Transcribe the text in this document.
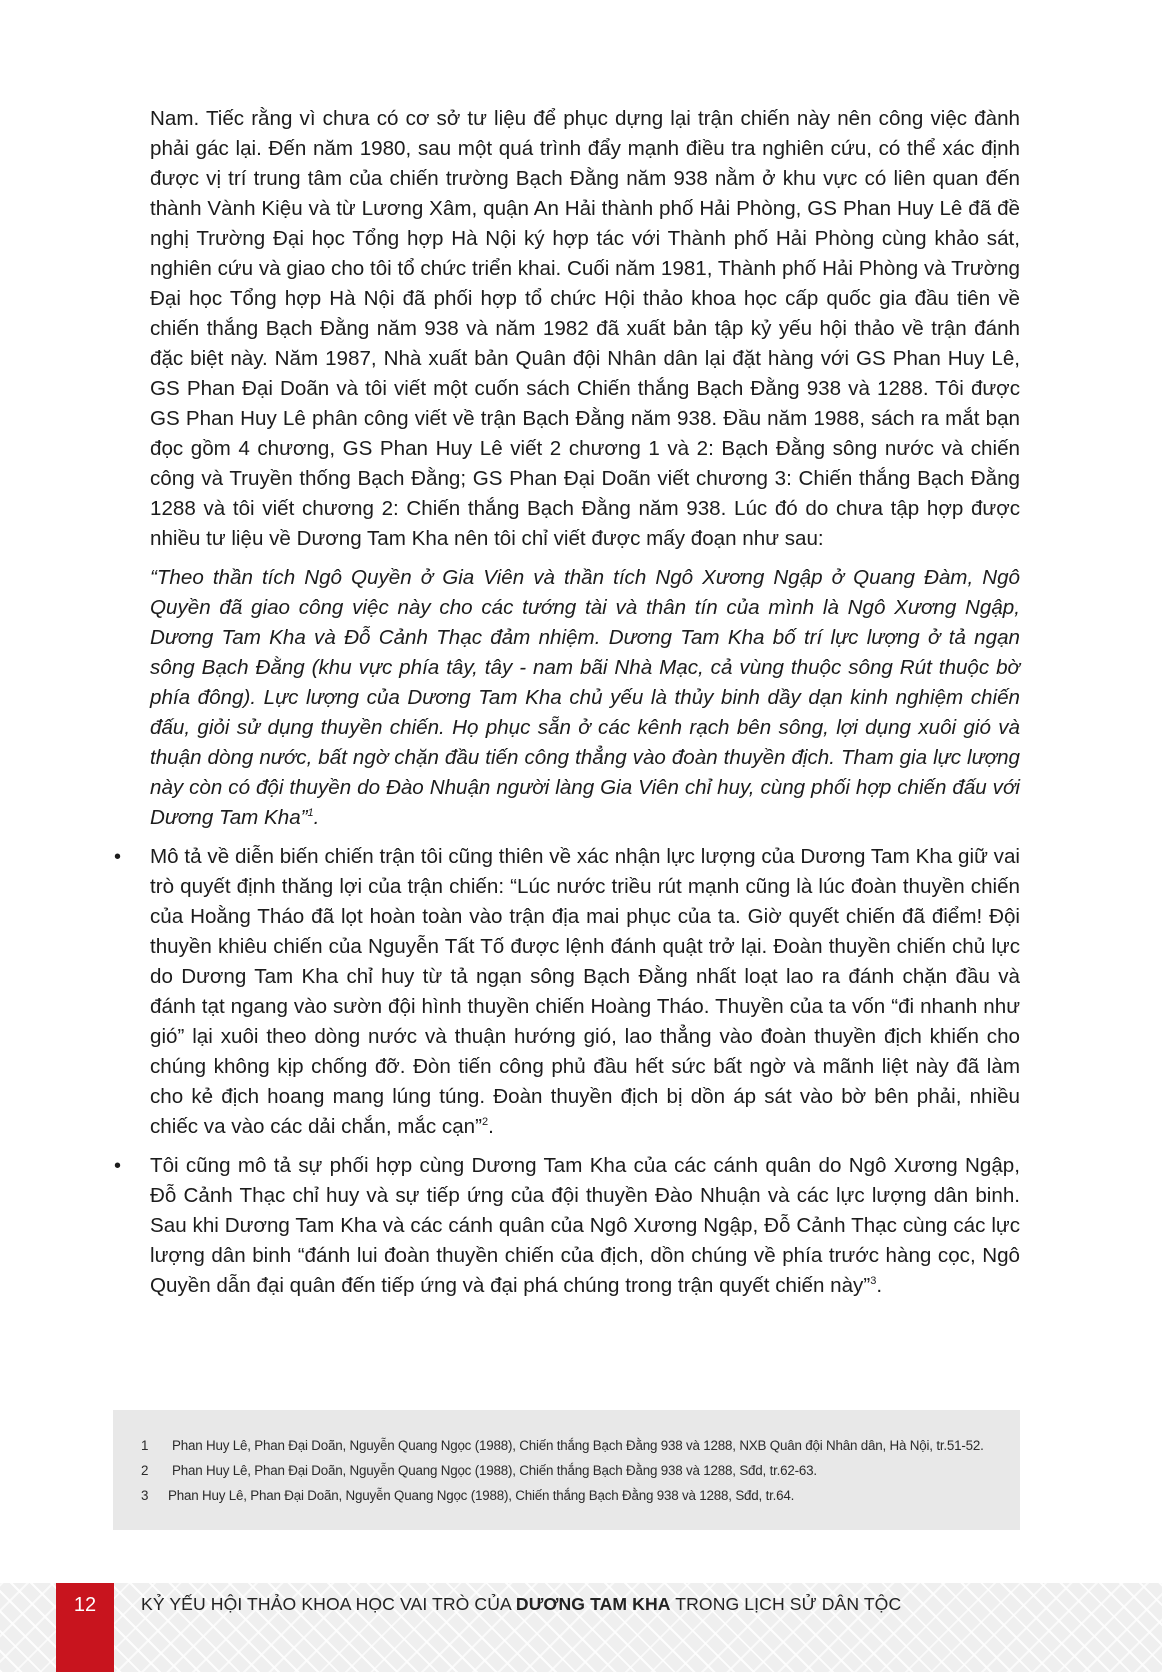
Nam. Tiếc rằng vì chưa có cơ sở tư liệu để phục dựng lại trận chiến này nên công việc đành phải gác lại. Đến năm 1980, sau một quá trình đẩy mạnh điều tra nghiên cứu, có thể xác định được vị trí trung tâm của chiến trường Bạch Đằng năm 938 nằm ở khu vực có liên quan đến thành Vành Kiệu và từ Lương Xâm, quận An Hải thành phố Hải Phòng, GS Phan Huy Lê đã đề nghị Trường Đại học Tổng hợp Hà Nội ký hợp tác với Thành phố Hải Phòng cùng khảo sát, nghiên cứu và giao cho tôi tổ chức triển khai. Cuối năm 1981, Thành phố Hải Phòng và Trường Đại học Tổng hợp Hà Nội đã phối hợp tổ chức Hội thảo khoa học cấp quốc gia đầu tiên về chiến thắng Bạch Đằng năm 938 và năm 1982 đã xuất bản tập kỷ yếu hội thảo về trận đánh đặc biệt này. Năm 1987, Nhà xuất bản Quân đội Nhân dân lại đặt hàng với GS Phan Huy Lê, GS Phan Đại Doãn và tôi viết một cuốn sách Chiến thắng Bạch Đằng 938 và 1288. Tôi được GS Phan Huy Lê phân công viết về trận Bạch Đằng năm 938. Đầu năm 1988, sách ra mắt bạn đọc gồm 4 chương, GS Phan Huy Lê viết 2 chương 1 và 2: Bạch Đằng sông nước và chiến công và Truyền thống Bạch Đằng; GS Phan Đại Doãn viết chương 3: Chiến thắng Bạch Đằng 1288 và tôi viết chương 2: Chiến thắng Bạch Đằng năm 938. Lúc đó do chưa tập hợp được nhiều tư liệu về Dương Tam Kha nên tôi chỉ viết được mấy đoạn như sau:

“Theo thần tích Ngô Quyền ở Gia Viên và thần tích Ngô Xương Ngập ở Quang Đàm, Ngô Quyền đã giao công việc này cho các tướng tài và thân tín của mình là Ngô Xương Ngập, Dương Tam Kha và Đỗ Cảnh Thạc đảm nhiệm. Dương Tam Kha bố trí lực lượng ở tả ngạn sông Bạch Đằng (khu vực phía tây, tây - nam bãi Nhà Mạc, cả vùng thuộc sông Rút thuộc bờ phía đông). Lực lượng của Dương Tam Kha chủ yếu là thủy binh dầy dạn kinh nghiệm chiến đấu, giỏi sử dụng thuyền chiến. Họ phục sẵn ở các kênh rạch bên sông, lợi dụng xuôi gió và thuận dòng nước, bất ngờ chặn đầu tiến công thẳng vào đoàn thuyền địch. Tham gia lực lượng này còn có đội thuyền do Đào Nhuận người làng Gia Viên chỉ huy, cùng phối hợp chiến đấu với Dương Tam Kha”$^1$.

• Mô tả về diễn biến chiến trận tôi cũng thiên về xác nhận lực lượng của Dương Tam Kha giữ vai trò quyết định thăng lợi của trận chiến: “Lúc nước triều rút mạnh cũng là lúc đoàn thuyền chiến của Hoằng Tháo đã lọt hoàn toàn vào trận địa mai phục của ta. Giờ quyết chiến đã điểm! Đội thuyền khiêu chiến của Nguyễn Tất Tố được lệnh đánh quật trở lại. Đoàn thuyền chiến chủ lực do Dương Tam Kha chỉ huy từ tả ngạn sông Bạch Đằng nhất loạt lao ra đánh chặn đầu và đánh tạt ngang vào sườn đội hình thuyền chiến Hoàng Tháo. Thuyền của ta vốn “đi nhanh như gió” lại xuôi theo dòng nước và thuận hướng gió, lao thẳng vào đoàn thuyền địch khiến cho chúng không kịp chống đỡ. Đòn tiến công phủ đầu hết sức bất ngờ và mãnh liệt này đã làm cho kẻ địch hoang mang lúng túng. Đoàn thuyền địch bị dồn áp sát vào bờ bên phải, nhiều chiếc va vào các dải chắn, mắc cạn”$^2$.

• Tôi cũng mô tả sự phối hợp cùng Dương Tam Kha của các cánh quân do Ngô Xương Ngập, Đỗ Cảnh Thạc chỉ huy và sự tiếp ứng của đội thuyền Đào Nhuận và các lực lượng dân binh. Sau khi Dương Tam Kha và các cánh quân của Ngô Xương Ngập, Đỗ Cảnh Thạc cùng các lực lượng dân binh “đánh lui đoàn thuyền chiến của địch, dồn chúng về phía trước hàng cọc, Ngô Quyền dẫn đại quân đến tiếp ứng và đại phá chúng trong trận quyết chiến này”$^3$.

1 Phan Huy Lê, Phan Đại Doãn, Nguyễn Quang Ngọc (1988), Chiến thắng Bạch Đằng 938 và 1288, NXB Quân đội Nhân dân, Hà Nội, tr.51-52.
2 Phan Huy Lê, Phan Đại Doãn, Nguyễn Quang Ngọc (1988), Chiến thắng Bạch Đằng 938 và 1288, Sđd, tr.62-63.
3 Phan Huy Lê, Phan Đại Doãn, Nguyễn Quang Ngọc (1988), Chiến thắng Bạch Đằng 938 và 1288, Sđd, tr.64.
12	KỶ YẾU HỘI THẢO KHOA HỌC VAI TRÒ CỦA DƯƠNG TAM KHA TRONG LỊCH SỬ DÂN TỘC
